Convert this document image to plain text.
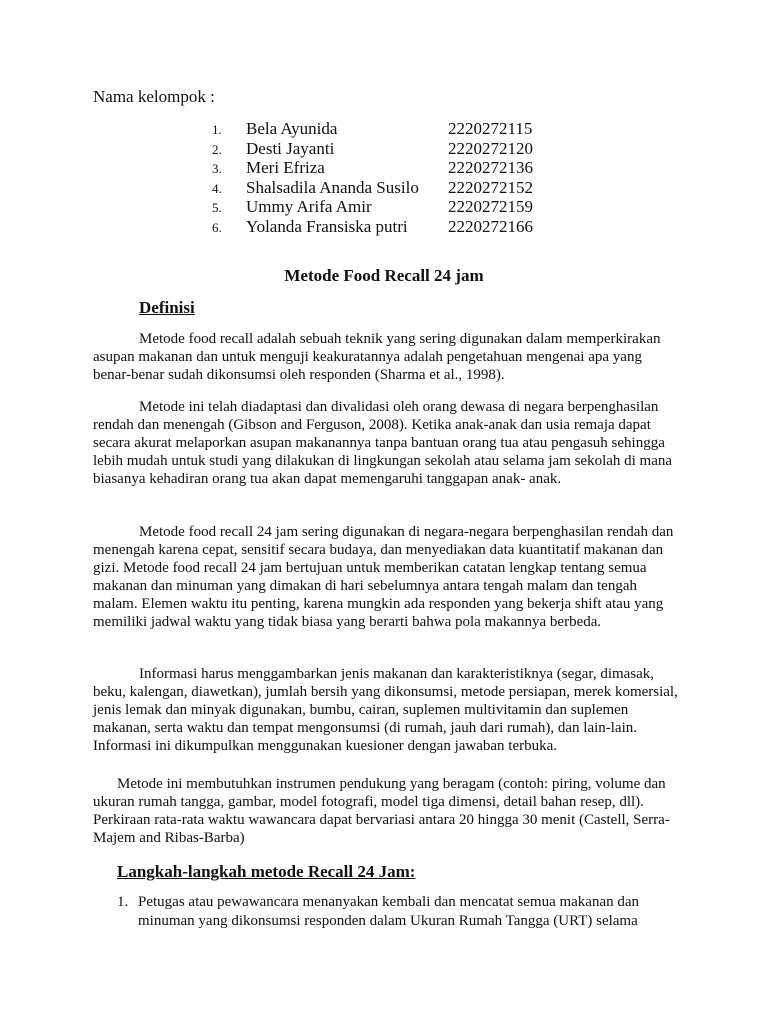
Nama kelompok :
1.	Bela Ayunida	2220272115
2.	Desti Jayanti	2220272120
3.	Meri Efriza	2220272136
4.	Shalsadila Ananda Susilo	2220272152
5.	Ummy Arifa Amir	2220272159
6.	Yolanda Fransiska putri	2220272166
Metode Food Recall 24 jam
Definisi
Metode food recall adalah sebuah teknik yang sering digunakan dalam memperkirakan asupan makanan dan untuk menguji keakuratannya adalah pengetahuan mengenai apa yang benar-benar sudah dikonsumsi oleh responden (Sharma et al., 1998).
Metode ini telah diadaptasi dan divalidasi oleh orang dewasa di negara berpenghasilan rendah dan menengah (Gibson and Ferguson, 2008). Ketika anak-anak dan usia remaja dapat secara akurat melaporkan asupan makanannya tanpa bantuan orang tua atau pengasuh sehingga lebih mudah untuk studi yang dilakukan di lingkungan sekolah atau selama jam sekolah di mana biasanya kehadiran orang tua akan dapat memengaruhi tanggapan anak- anak.
Metode food recall 24 jam sering digunakan di negara-negara berpenghasilan rendah dan menengah karena cepat, sensitif secara budaya, dan menyediakan data kuantitatif makanan dan gizi. Metode food recall 24 jam bertujuan untuk memberikan catatan lengkap tentang semua makanan dan minuman yang dimakan di hari sebelumnya antara tengah malam dan tengah malam. Elemen waktu itu penting, karena mungkin ada responden yang bekerja shift atau yang memiliki jadwal waktu yang tidak biasa yang berarti bahwa pola makannya berbeda.
Informasi harus menggambarkan jenis makanan dan karakteristiknya (segar, dimasak, beku, kalengan, diawetkan), jumlah bersih yang dikonsumsi, metode persiapan, merek komersial, jenis lemak dan minyak digunakan, bumbu, cairan, suplemen multivitamin dan suplemen makanan, serta waktu dan tempat mengonsumsi (di rumah, jauh dari rumah), dan lain-lain. Informasi ini dikumpulkan menggunakan kuesioner dengan jawaban terbuka.
Metode ini membutuhkan instrumen pendukung yang beragam (contoh: piring, volume dan ukuran rumah tangga, gambar, model fotografi, model tiga dimensi, detail bahan resep, dll). Perkiraan rata-rata waktu wawancara dapat bervariasi antara 20 hingga 30 menit (Castell, Serra-Majem and Ribas-Barba)
Langkah-langkah metode Recall 24 Jam:
1. Petugas atau pewawancara menanyakan kembali dan mencatat semua makanan dan minuman yang dikonsumsi responden dalam Ukuran Rumah Tangga (URT) selama
